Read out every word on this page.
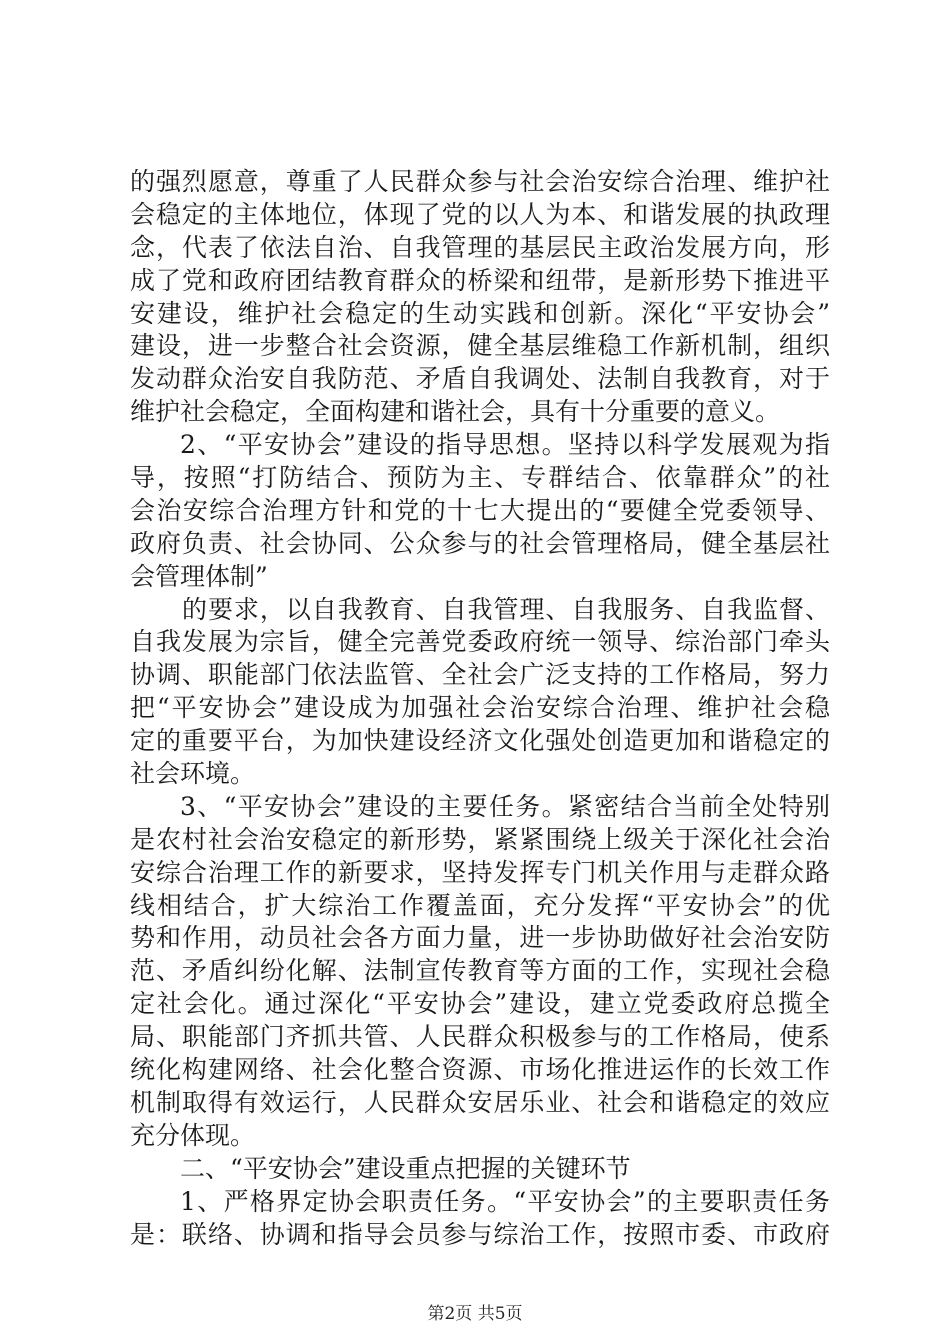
的强烈愿意，尊重了人民群众参与社会治安综合治理、维护社
会稳定的主体地位，体现了党的以人为本、和谐发展的执政理
念，代表了依法自治、自我管理的基层民主政治发展方向，形
成了党和政府团结教育群众的桥梁和纽带，是新形势下推进平
安建设，维护社会稳定的生动实践和创新。深化“平安协会”
建设，进一步整合社会资源，健全基层维稳工作新机制，组织
发动群众治安自我防范、矛盾自我调处、法制自我教育，对于
维护社会稳定，全面构建和谐社会，具有十分重要的意义。
2、“平安协会”建设的指导思想。坚持以科学发展观为指
导，按照“打防结合、预防为主、专群结合、依靠群众”的社
会治安综合治理方针和党的十七大提出的“要健全党委领导、
政府负责、社会协同、公众参与的社会管理格局，健全基层社
会管理体制”
的要求，以自我教育、自我管理、自我服务、自我监督、
自我发展为宗旨，健全完善党委政府统一领导、综治部门牵头
协调、职能部门依法监管、全社会广泛支持的工作格局，努力
把“平安协会”建设成为加强社会治安综合治理、维护社会稳
定的重要平台，为加快建设经济文化强处创造更加和谐稳定的
社会环境。
3、“平安协会”建设的主要任务。紧密结合当前全处特别
是农村社会治安稳定的新形势，紧紧围绕上级关于深化社会治
安综合治理工作的新要求，坚持发挥专门机关作用与走群众路
线相结合，扩大综治工作覆盖面，充分发挥“平安协会”的优
势和作用，动员社会各方面力量，进一步协助做好社会治安防
范、矛盾纠纷化解、法制宣传教育等方面的工作，实现社会稳
定社会化。通过深化“平安协会”建设，建立党委政府总揽全
局、职能部门齐抓共管、人民群众积极参与的工作格局，使系
统化构建网络、社会化整合资源、市场化推进运作的长效工作
机制取得有效运行，人民群众安居乐业、社会和谐稳定的效应
充分体现。
二、“平安协会”建设重点把握的关键环节
1、严格界定协会职责任务。“平安协会”的主要职责任务
是：联络、协调和指导会员参与综治工作，按照市委、市政府
第2页 共5页
